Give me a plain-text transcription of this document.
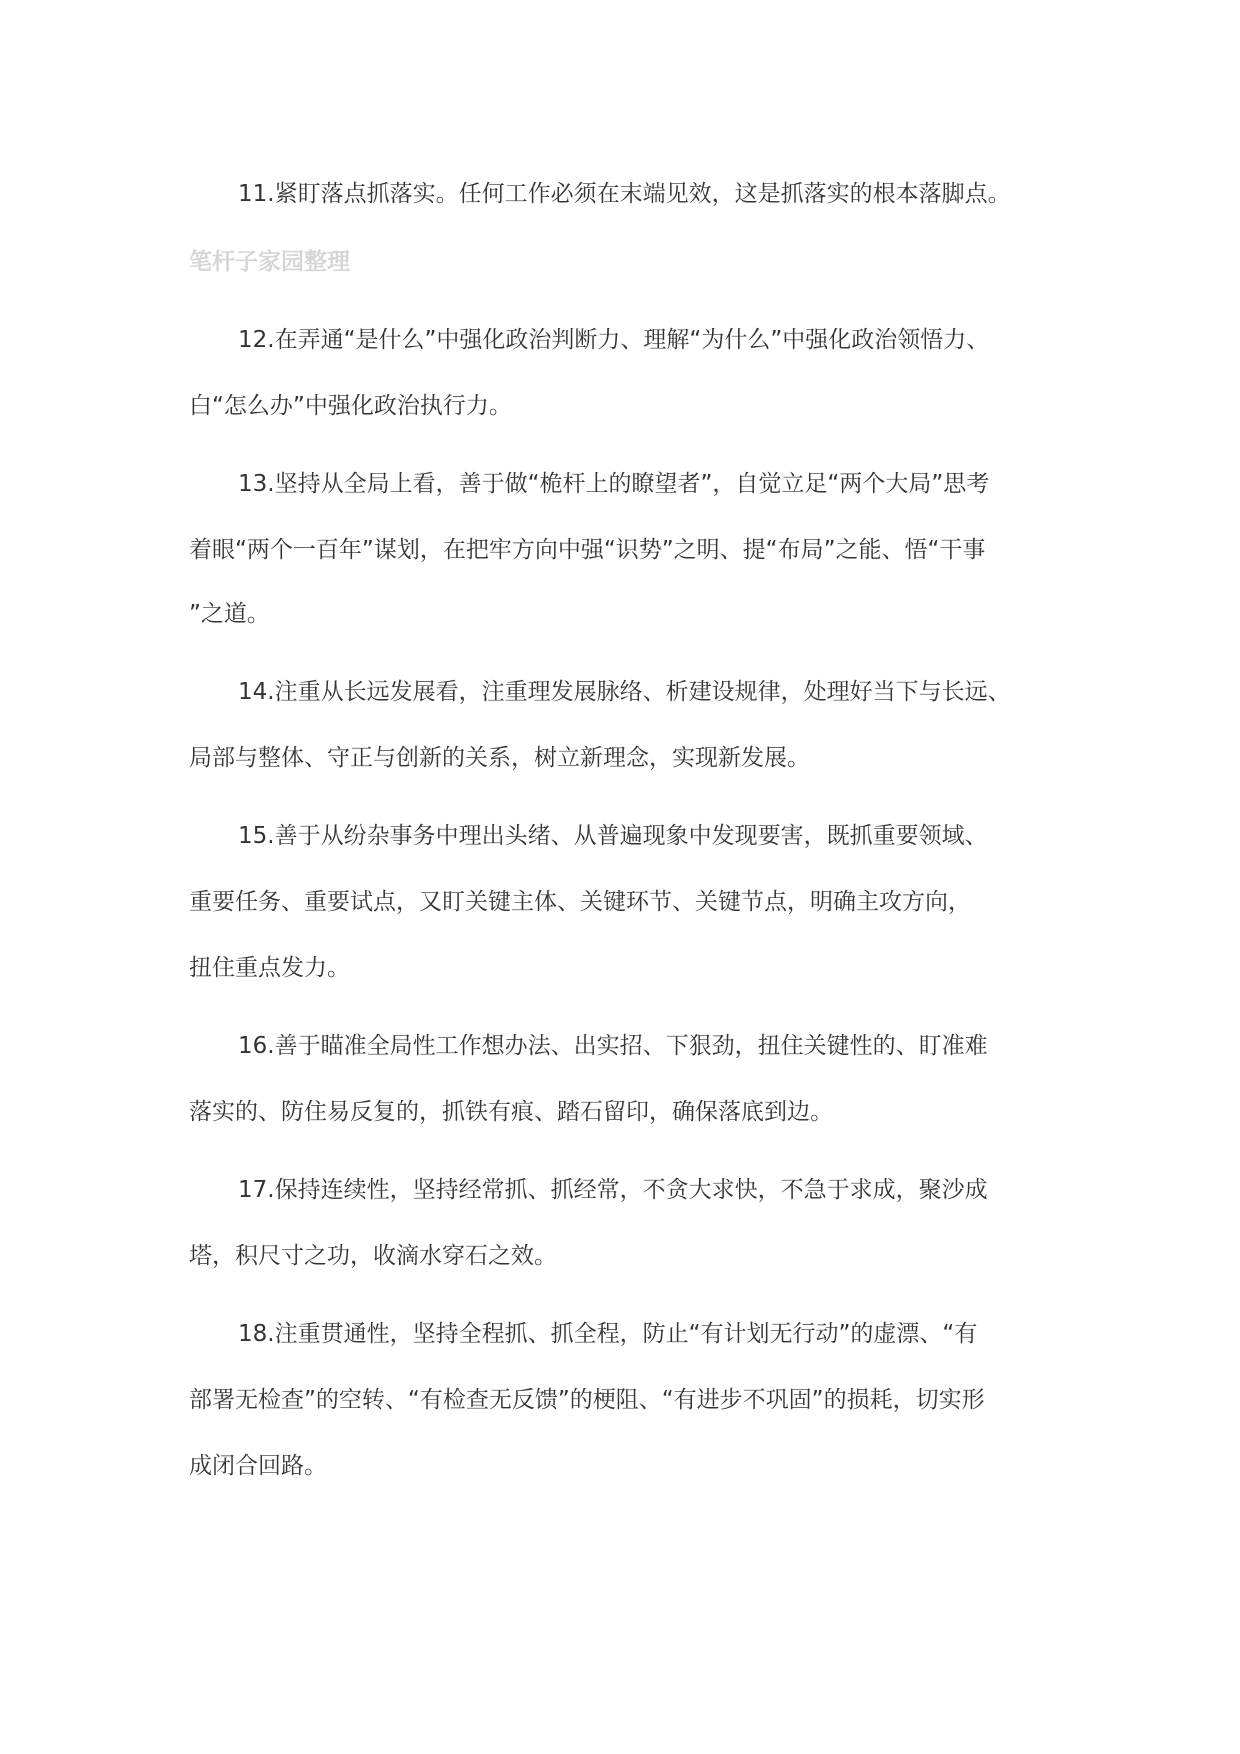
11.紧盯落点抓落实。任何工作必须在末端见效，这是抓落实的根本落脚点。
笔杆子家园整理
12.在弄通“是什么”中强化政治判断力、理解“为什么”中强化政治领悟力、
白“怎么办”中强化政治执行力。
13.坚持从全局上看，善于做“桅杆上的瞭望者”，自觉立足“两个大局”思考
着眼“两个一百年”谋划，在把牢方向中强“识势”之明、提“布局”之能、悟“干事
”之道。
14.注重从长远发展看，注重理发展脉络、析建设规律，处理好当下与长远、
局部与整体、守正与创新的关系，树立新理念，实现新发展。
15.善于从纷杂事务中理出头绪、从普遍现象中发现要害，既抓重要领域、
重要任务、重要试点，又盯关键主体、关键环节、关键节点，明确主攻方向，
扭住重点发力。
16.善于瞄准全局性工作想办法、出实招、下狠劲，扭住关键性的、盯准难
落实的、防住易反复的，抓铁有痕、踏石留印，确保落底到边。
17.保持连续性，坚持经常抓、抓经常，不贪大求快，不急于求成，聚沙成
塔，积尺寸之功，收滴水穿石之效。
18.注重贯通性，坚持全程抓、抓全程，防止“有计划无行动”的虚漂、“有
部署无检查”的空转、“有检查无反馈”的梗阻、“有进步不巩固”的损耗，切实形
成闭合回路。
